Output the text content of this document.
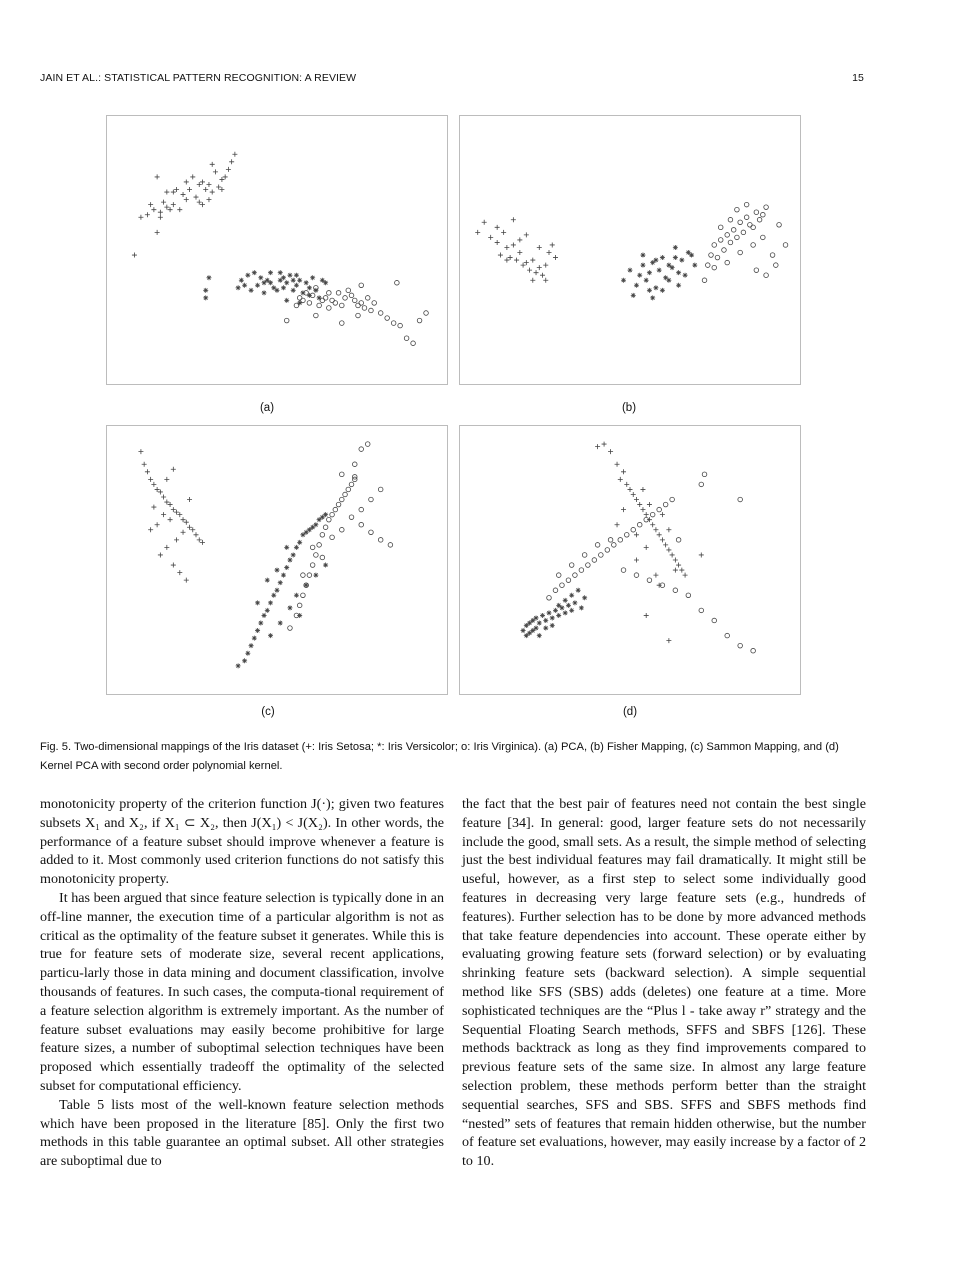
JAIN ET AL.: STATISTICAL PATTERN RECOGNITION: A REVIEW	15
(a)	(b)
(c)	(d)
Fig. 5. Two-dimensional mappings of the Iris dataset (+: Iris Setosa; *: Iris Versicolor; o: Iris Virginica). (a) PCA, (b) Fisher Mapping, (c) Sammon Mapping, and (d) Kernel PCA with second order polynomial kernel.

monotonicity property of the criterion function J(·); given two features subsets X₁ and X₂, if X₁ ⊂ X₂, then J(X₁) < J(X₂). In other words, the performance of a feature subset should improve whenever a feature is added to it. Most commonly used criterion functions do not satisfy this monotonicity property.

It has been argued that since feature selection is typically done in an off-line manner, the execution time of a particular algorithm is not as critical as the optimality of the feature subset it generates. While this is true for feature sets of moderate size, several recent applications, particu-larly those in data mining and document classification, involve thousands of features. In such cases, the computa-tional requirement of a feature selection algorithm is extremely important. As the number of feature subset evaluations may easily become prohibitive for large feature sizes, a number of suboptimal selection techniques have been proposed which essentially tradeoff the optimality of the selected subset for computational efficiency.

Table 5 lists most of the well-known feature selection methods which have been proposed in the literature [85]. Only the first two methods in this table guarantee an optimal subset. All other strategies are suboptimal due to

the fact that the best pair of features need not contain the best single feature [34]. In general: good, larger feature sets do not necessarily include the good, small sets. As a result, the simple method of selecting just the best individual features may fail dramatically. It might still be useful, however, as a first step to select some individually good features in decreasing very large feature sets (e.g., hundreds of features). Further selection has to be done by more advanced methods that take feature dependencies into account. These operate either by evaluating growing feature sets (forward selection) or by evaluating shrinking feature sets (backward selection). A simple sequential method like SFS (SBS) adds (deletes) one feature at a time. More sophisticated techniques are the “Plus l - take away r” strategy and the Sequential Floating Search methods, SFFS and SBFS [126]. These methods backtrack as long as they find improvements compared to previous feature sets of the same size. In almost any large feature selection problem, these methods perform better than the straight sequential searches, SFS and SBS. SFFS and SBFS methods find “nested” sets of features that remain hidden otherwise, but the number of feature set evaluations, however, may easily increase by a factor of 2 to 10.
